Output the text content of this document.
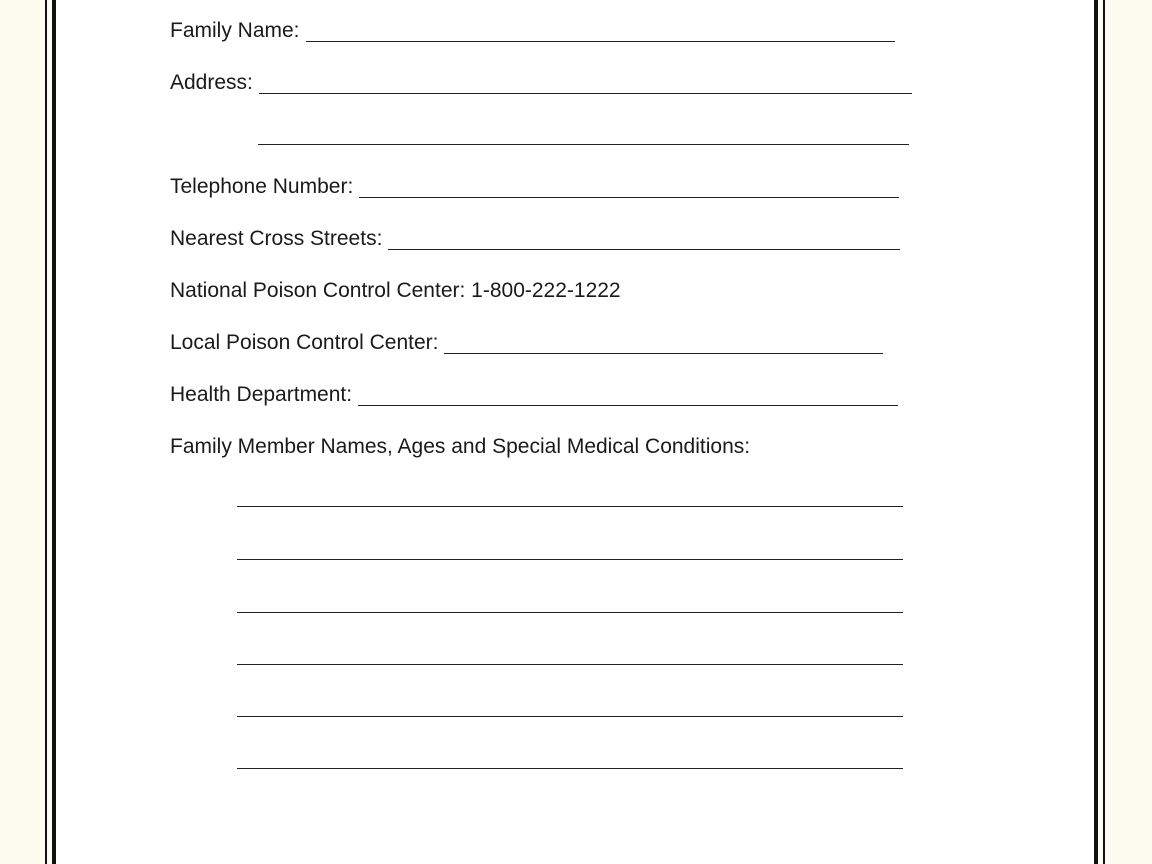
Family Name:
Address:
Telephone Number:
Nearest Cross Streets:
National Poison Control Center: 1-800-222-1222
Local Poison Control Center:
Health Department:
Family Member Names, Ages and Special Medical Conditions:
